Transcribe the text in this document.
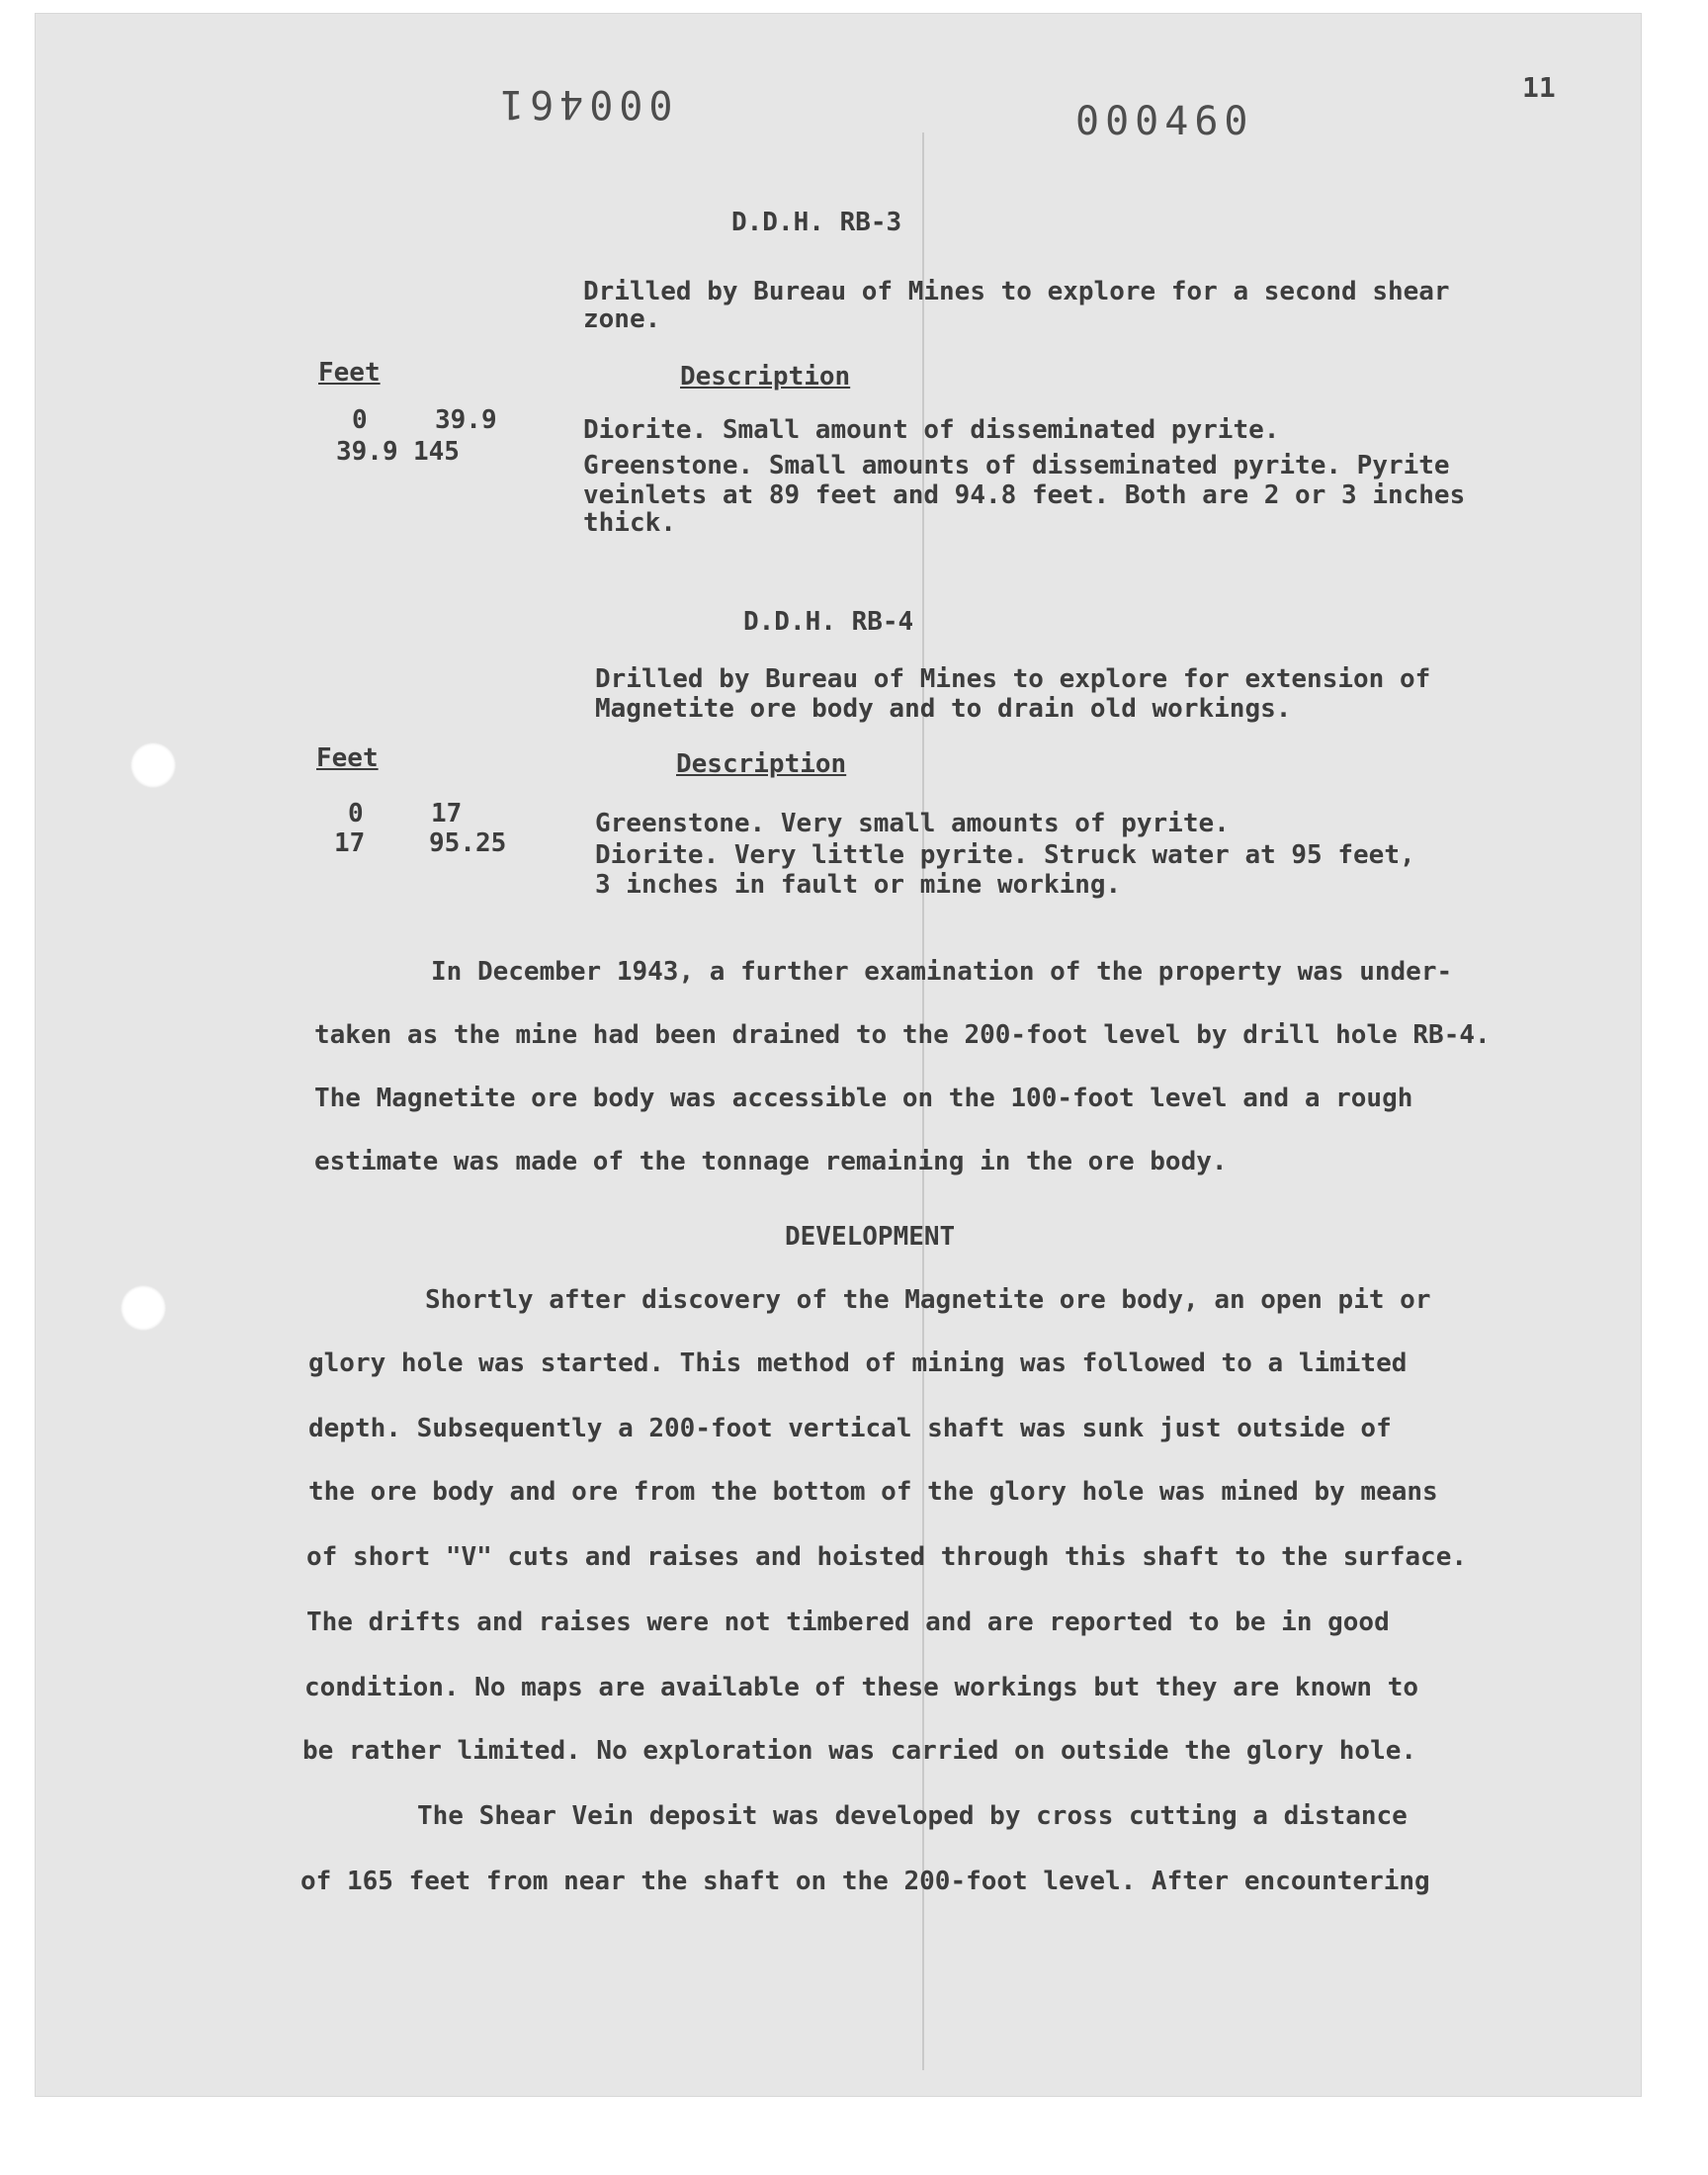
000461	000460
11
D.D.H. RB-3
Drilled by Bureau of Mines to explore for a second shear
zone.
Feet	Description
0	39.9	Diorite. Small amount of disseminated pyrite.
39.9 145	Greenstone. Small amounts of disseminated pyrite. Pyrite
veinlets at 89 feet and 94.8 feet. Both are 2 or 3 inches
thick.
D.D.H. RB-4
Drilled by Bureau of Mines to explore for extension of
Magnetite ore body and to drain old workings.
Feet	Description
0	17	Greenstone. Very small amounts of pyrite.
17 95.25	Diorite. Very little pyrite. Struck water at 95 feet,
3 inches in fault or mine working.
In December 1943, a further examination of the property was under-
taken as the mine had been drained to the 200-foot level by drill hole RB-4.
The Magnetite ore body was accessible on the 100-foot level and a rough
estimate was made of the tonnage remaining in the ore body.
DEVELOPMENT
Shortly after discovery of the Magnetite ore body, an open pit or
glory hole was started. This method of mining was followed to a limited
depth. Subsequently a 200-foot vertical shaft was sunk just outside of
the ore body and ore from the bottom of the glory hole was mined by means
of short "V" cuts and raises and hoisted through this shaft to the surface.
The drifts and raises were not timbered and are reported to be in good
condition. No maps are available of these workings but they are known to
be rather limited. No exploration was carried on outside the glory hole.
The Shear Vein deposit was developed by cross cutting a distance
of 165 feet from near the shaft on the 200-foot level. After encountering
